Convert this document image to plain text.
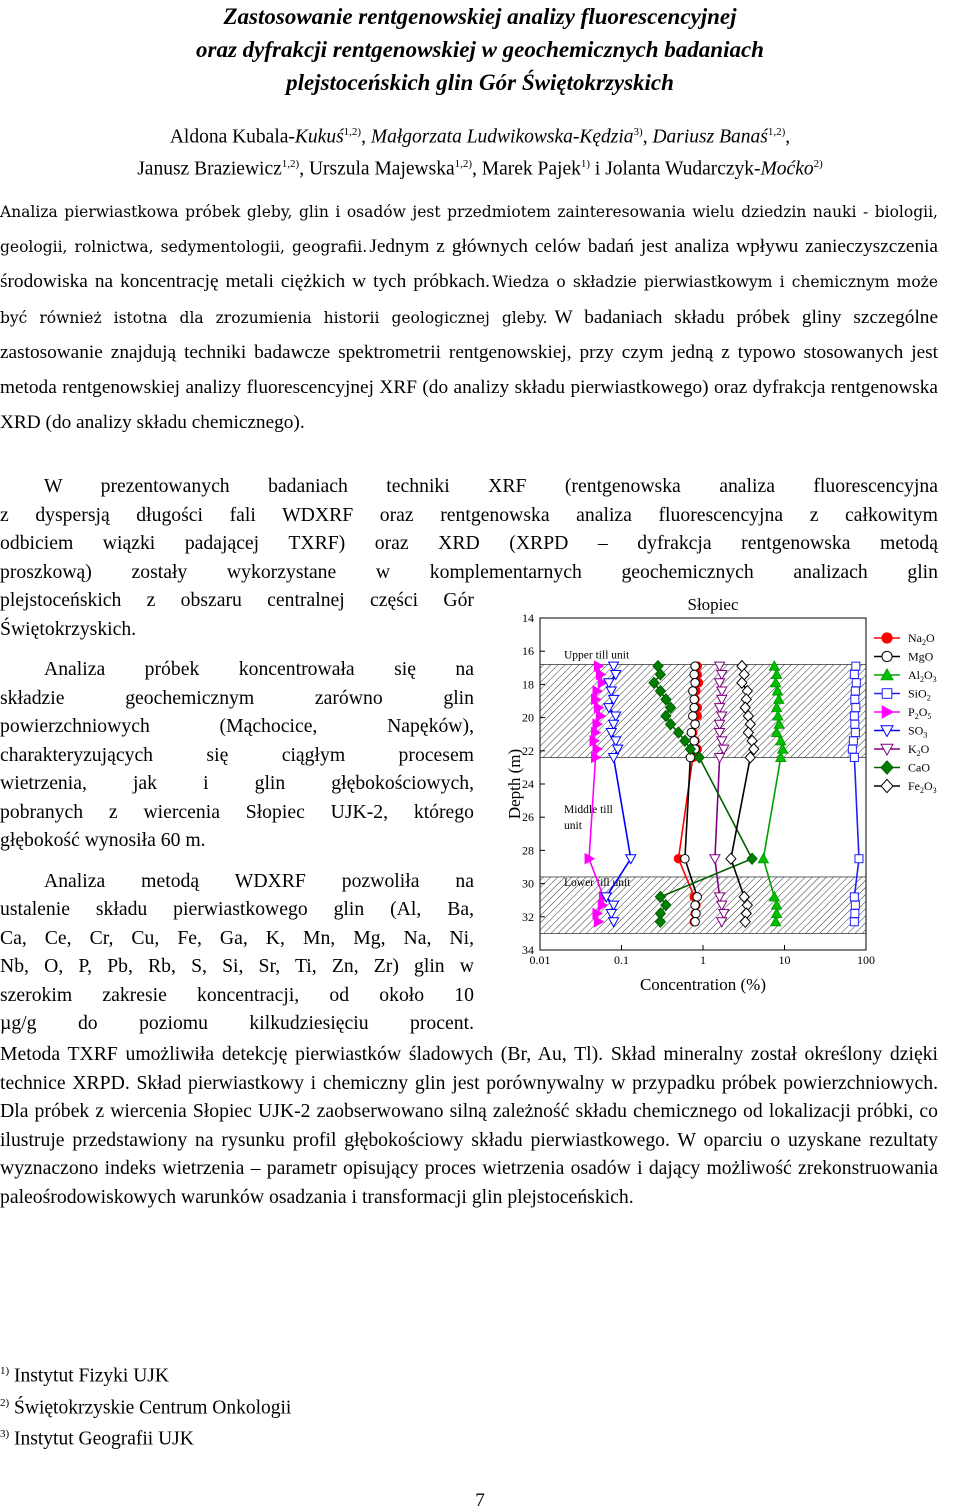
Zastosowanie rentgenowskiej analizy fluorescencyjnej
oraz dyfrakcji rentgenowskiej w geochemicznych badaniach
plejstoceńskich glin Gór Świętokrzyskich
Aldona Kubala-Kukuś$^{1,2)}$, Małgorzata Ludwikowska-Kędzia$^{3)}$, Dariusz Banaś$^{1,2)}$,
Janusz Braziewicz$^{1,2)}$, Urszula Majewska$^{1,2)}$, Marek Pajek$^{1)}$ i Jolanta Wudarczyk-Moćko$^{2)}$

Analiza pierwiastkowa próbek gleby, glin i osadów jest przedmiotem zainteresowania wielu dziedzin nauki - biologii, geologii, rolnictwa, sedymentologii, geografii. Jednym z głównych celów badań jest analiza wpływu zanieczyszczenia środowiska na koncentrację metali ciężkich w tych próbkach. Wiedza o składzie pierwiastkowym i chemicznym może być również istotna dla zrozumienia historii geologicznej gleby. W badaniach składu próbek gliny szczególne zastosowanie znajdują techniki badawcze spektrometrii rentgenowskiej, przy czym jedną z typowo stosowanych jest metoda rentgenowskiej analizy fluorescencyjnej XRF (do analizy składu pierwiastkowego) oraz dyfrakcja rentgenowska XRD (do analizy składu chemicznego).

W prezentowanych badaniach techniki XRF (rentgenowska analiza fluorescencyjna

z dyspersją długości fali WDXRF oraz rentgenowska analiza fluorescencyjna z całkowitym

odbiciem wiązki padającej TXRF) oraz XRD (XRPD – dyfrakcja rentgenowska metodą

proszkową) zostały wykorzystane w komplementarnych geochemicznych analizach glin

plejstoceńskich z obszaru centralnej części Gór

Świętokrzyskich.

Analiza próbek koncentrowała się na

składzie geochemicznym zarówno glin

powierzchniowych (Mąchocice, Napęków),

charakteryzujących się ciągłym procesem

wietrzenia, jak i glin głębokościowych,

pobranych z wiercenia Słopiec UJK-2, którego

głębokość wynosiła 60 m.

Analiza metodą WDXRF pozwoliła na

ustalenie składu pierwiastkowego glin (Al, Ba,

Ca, Ce, Cr, Cu, Fe, Ga, K, Mn, Mg, Na, Ni,

Nb, O, P, Pb, Rb, S, Si, Sr, Ti, Zn, Zr) glin w

szerokim zakresie koncentracji, od około 10

µg/g do poziomu kilkudziesięciu procent.

Metoda TXRF umożliwiła detekcję pierwiastków śladowych (Br, Au, Tl). Skład mineralny został określony dzięki technice XRPD. Skład pierwiastkowy i chemiczny glin jest porównywalny w przypadku próbek powierzchniowych. Dla próbek z wiercenia Słopiec UJK-2 zaobserwowano silną zależność składu chemicznego od lokalizacji próbki, co ilustruje przedstawiony na rysunku profil głębokościowy składu pierwiastkowego. W oparciu o uzyskane rezultaty wyznaczono indeks wietrzenia – parametr opisujący proces wietrzenia osadów i dający możliwość zrekonstruowania paleośrodowiskowych warunków osadzania i transformacji glin plejstoceńskich.

Upper till unit
Middle till
unit
Lower till unit
Słopiec
14
16
18
20
22
24
26
28
30
32
34
0.01	0.1	1	10	100
Concentration (%)
Depth (m)
$Na_2O$
MgO
$Al_2O_3$
SiO$_2$
$P_2O_5$
$SO_3$
$K_2O$
CaO
$Fe_2O_3$
$^{1)}$ Instytut Fizyki UJK
$^{2)}$ Świętokrzyskie Centrum Onkologii
$^{3)}$ Instytut Geografii UJK
7
